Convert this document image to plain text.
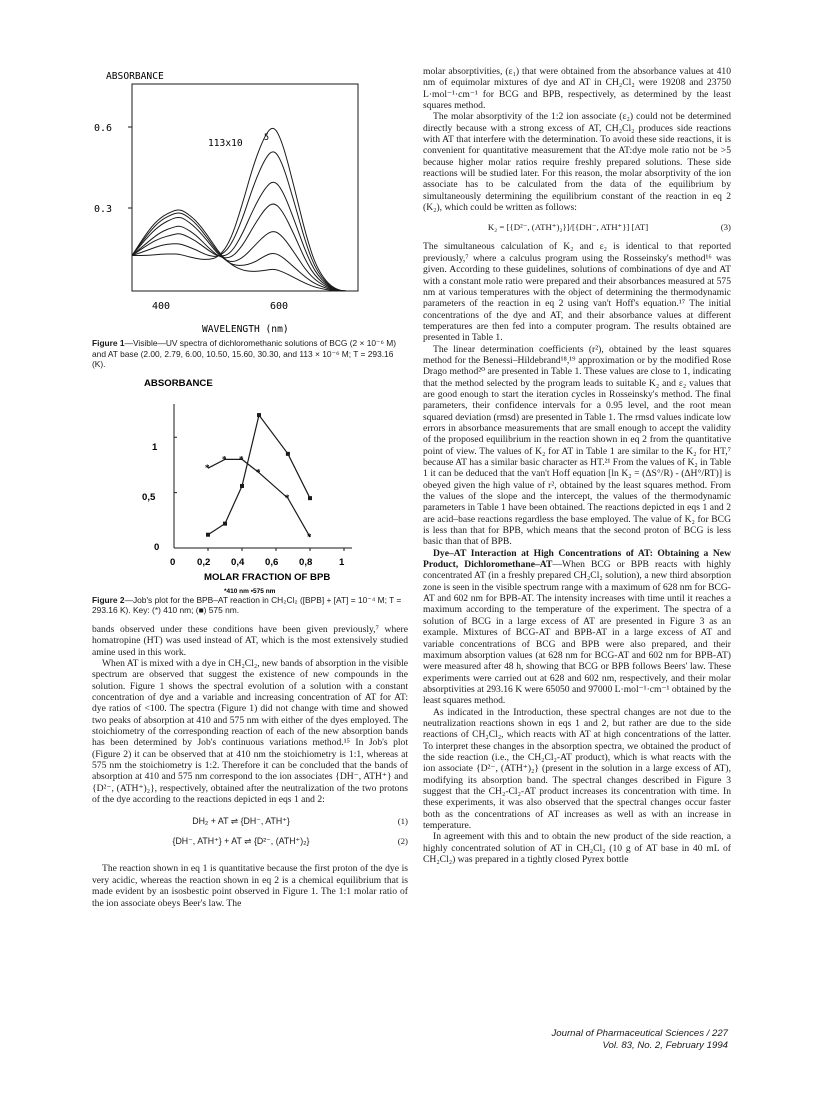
ABSORBANCE
0.6
0.3
400	600
113x10
5
WAVELENGTH (nm)

Figure 1—Visible—UV spectra of dichloromethanic solutions of BCG (2 × 10⁻⁶ M) and AT base (2.00, 2.79, 6.00, 10.50, 15.60, 30.30, and 113 × 10⁻⁶ M; T = 293.16 (K).

ABSORBANCE
1
0,5
0
0 0,2 0,4 0,6 0,8	1
MOLAR FRACTION OF BPB
*410 nm ▪575 nm
*
* *
*
*
*

Figure 2—Job's plot for the BPB–AT reaction in CH₂Cl₂ ([BPB] + [AT] = 10⁻⁴ M; T = 293.16 K). Key: (*) 410 nm; (■) 575 nm.

bands observed under these conditions have been given previously,⁷ where homatropine (HT) was used instead of AT, which is the most extensively studied amine used in this work.

When AT is mixed with a dye in CH₂Cl₂, new bands of absorption in the visible spectrum are observed that suggest the existence of new compounds in the solution. Figure 1 shows the spectral evolution of a solution with a constant concentration of dye and a variable and increasing concentration of AT for AT: dye ratios of <100. The spectra (Figure 1) did not change with time and showed two peaks of absorption at 410 and 575 nm with either of the dyes employed. The stoichiometry of the corresponding reaction of each of the new absorption bands has been determined by Job's continuous variations method.¹⁵ In Job's plot (Figure 2) it can be observed that at 410 nm the stoichiometry is 1:1, whereas at 575 nm the stoichiometry is 1:2. Therefore it can be concluded that the bands of absorption at 410 and 575 nm correspond to the ion associates {DH⁻, ATH⁺} and {D²⁻, (ATH⁺)₂}, respectively, obtained after the neutralization of the two protons of the dye according to the reactions depicted in eqs 1 and 2:

DH₂ + AT ⇌ {DH⁻, ATH⁺}	(1)
{DH⁻, ATH⁺} + AT ⇌ {D²⁻, (ATH⁺)₂}	(2)

The reaction shown in eq 1 is quantitative because the first proton of the dye is very acidic, whereas the reaction shown in eq 2 is a chemical equilibrium that is made evident by an isosbestic point observed in Figure 1. The 1:1 molar ratio of the ion associate obeys Beer's law. The

molar absorptivities, (ε₁) that were obtained from the absorbance values at 410 nm of equimolar mixtures of dye and AT in CH₂Cl₂ were 19208 and 23750 L·mol⁻¹·cm⁻¹ for BCG and BPB, respectively, as determined by the least squares method.

The molar absorptivity of the 1:2 ion associate (ε₂) could not be determined directly because with a strong excess of AT, CH₂Cl₂ produces side reactions with AT that interfere with the determination. To avoid these side reactions, it is convenient for quantitative measurement that the AT:dye mole ratio not be >5 because higher molar ratios require freshly prepared solutions. These side reactions will be studied later. For this reason, the molar absorptivity of the ion associate has to be calculated from the data of the equilibrium by simultaneously determining the equilibrium constant of the reaction in eq 2 (K₂), which could be written as follows:

K₂ = [{D²⁻, (ATH⁺)₂}]/[{DH⁻, ATH⁺}] [AT]	(3)

The simultaneous calculation of K₂ and ε₂ is identical to that reported previously,⁷ where a calculus program using the Rosseinsky's method¹⁶ was given. According to these guidelines, solutions of combinations of dye and AT with a constant mole ratio were prepared and their absorbances measured at 575 nm at various temperatures with the object of determining the thermodynamic parameters of the reaction in eq 2 using van't Hoff's equation.¹⁷ The initial concentrations of the dye and AT, and their absorbance values at different temperatures are then fed into a computer program. The results obtained are presented in Table 1.

The linear determination coefficients (r²), obtained by the least squares method for the Benessi–Hildebrand¹⁸,¹⁹ approximation or by the modified Rose Drago method²⁰ are presented in Table 1. These values are close to 1, indicating that the method selected by the program leads to suitable K₂ and ε₂ values that are good enough to start the iteration cycles in Rosseinsky's method. The final parameters, their confidence intervals for a 0.95 level, and the root mean squared deviation (rmsd) are presented in Table 1. The rmsd values indicate low errors in absorbance measurements that are small enough to accept the validity of the proposed equilibrium in the reaction shown in eq 2 from the quantitative point of view. The values of K₂ for AT in Table 1 are similar to the K₂ for HT,⁷ because AT has a similar basic character as HT.²¹ From the values of K₂ in Table 1 it can be deduced that the van't Hoff equation [ln K₂ = (ΔS°/R) - (ΔH°/RT)] is obeyed given the high value of r², obtained by the least squares method. From the values of the slope and the intercept, the values of the thermodynamic parameters in Table 1 have been obtained. The reactions depicted in eqs 1 and 2 are acid–base reactions regardless the base employed. The value of K₂ for BCG is less than that for BPB, which means that the second proton of BCG is less basic than that of BPB.

Dye–AT Interaction at High Concentrations of AT: Obtaining a New Product, Dichloromethane–AT—When BCG or BPB reacts with highly concentrated AT (in a freshly prepared CH₂Cl₂ solution), a new third absorption zone is seen in the visible spectrum range with a maximum of 628 nm for BCG-AT and 602 nm for BPB-AT. The intensity increases with time until it reaches a maximum according to the temperature of the experiment. The spectra of a solution of BCG in a large excess of AT are presented in Figure 3 as an example. Mixtures of BCG-AT and BPB-AT in a large excess of AT and variable concentrations of BCG and BPB were also prepared, and their maximum absorption values (at 628 nm for BCG-AT and 602 nm for BPB-AT) were measured after 48 h, showing that BCG or BPB follows Beers' law. These experiments were carried out at 628 and 602 nm, respectively, and their molar absorptivities at 293.16 K were 65050 and 97000 L·mol⁻¹·cm⁻¹ obtained by the least squares method.

As indicated in the Introduction, these spectral changes are not due to the neutralization reactions shown in eqs 1 and 2, but rather are due to the side reactions of CH₂Cl₂, which reacts with AT at high concentrations of the latter. To interpret these changes in the absorption spectra, we obtained the product of the side reaction (i.e., the CH₂Cl₂-AT product), which is what reacts with the ion associate {D²⁻, (ATH⁺)₂} (present in the solution in a large excess of AT), modifying its absorption band. The spectral changes described in Figure 3 suggest that the CH₂-Cl₂-AT product increases its concentration with time. In these experiments, it was also observed that the spectral changes occur faster both as the concentrations of AT increases as well as with an increase in temperature.

In agreement with this and to obtain the new product of the side reaction, a highly concentrated solution of AT in CH₂Cl₂ (10 g of AT base in 40 mL of CH₂Cl₂) was prepared in a tightly closed Pyrex bottle

Journal of Pharmaceutical Sciences / 227
Vol. 83, No. 2, February 1994
